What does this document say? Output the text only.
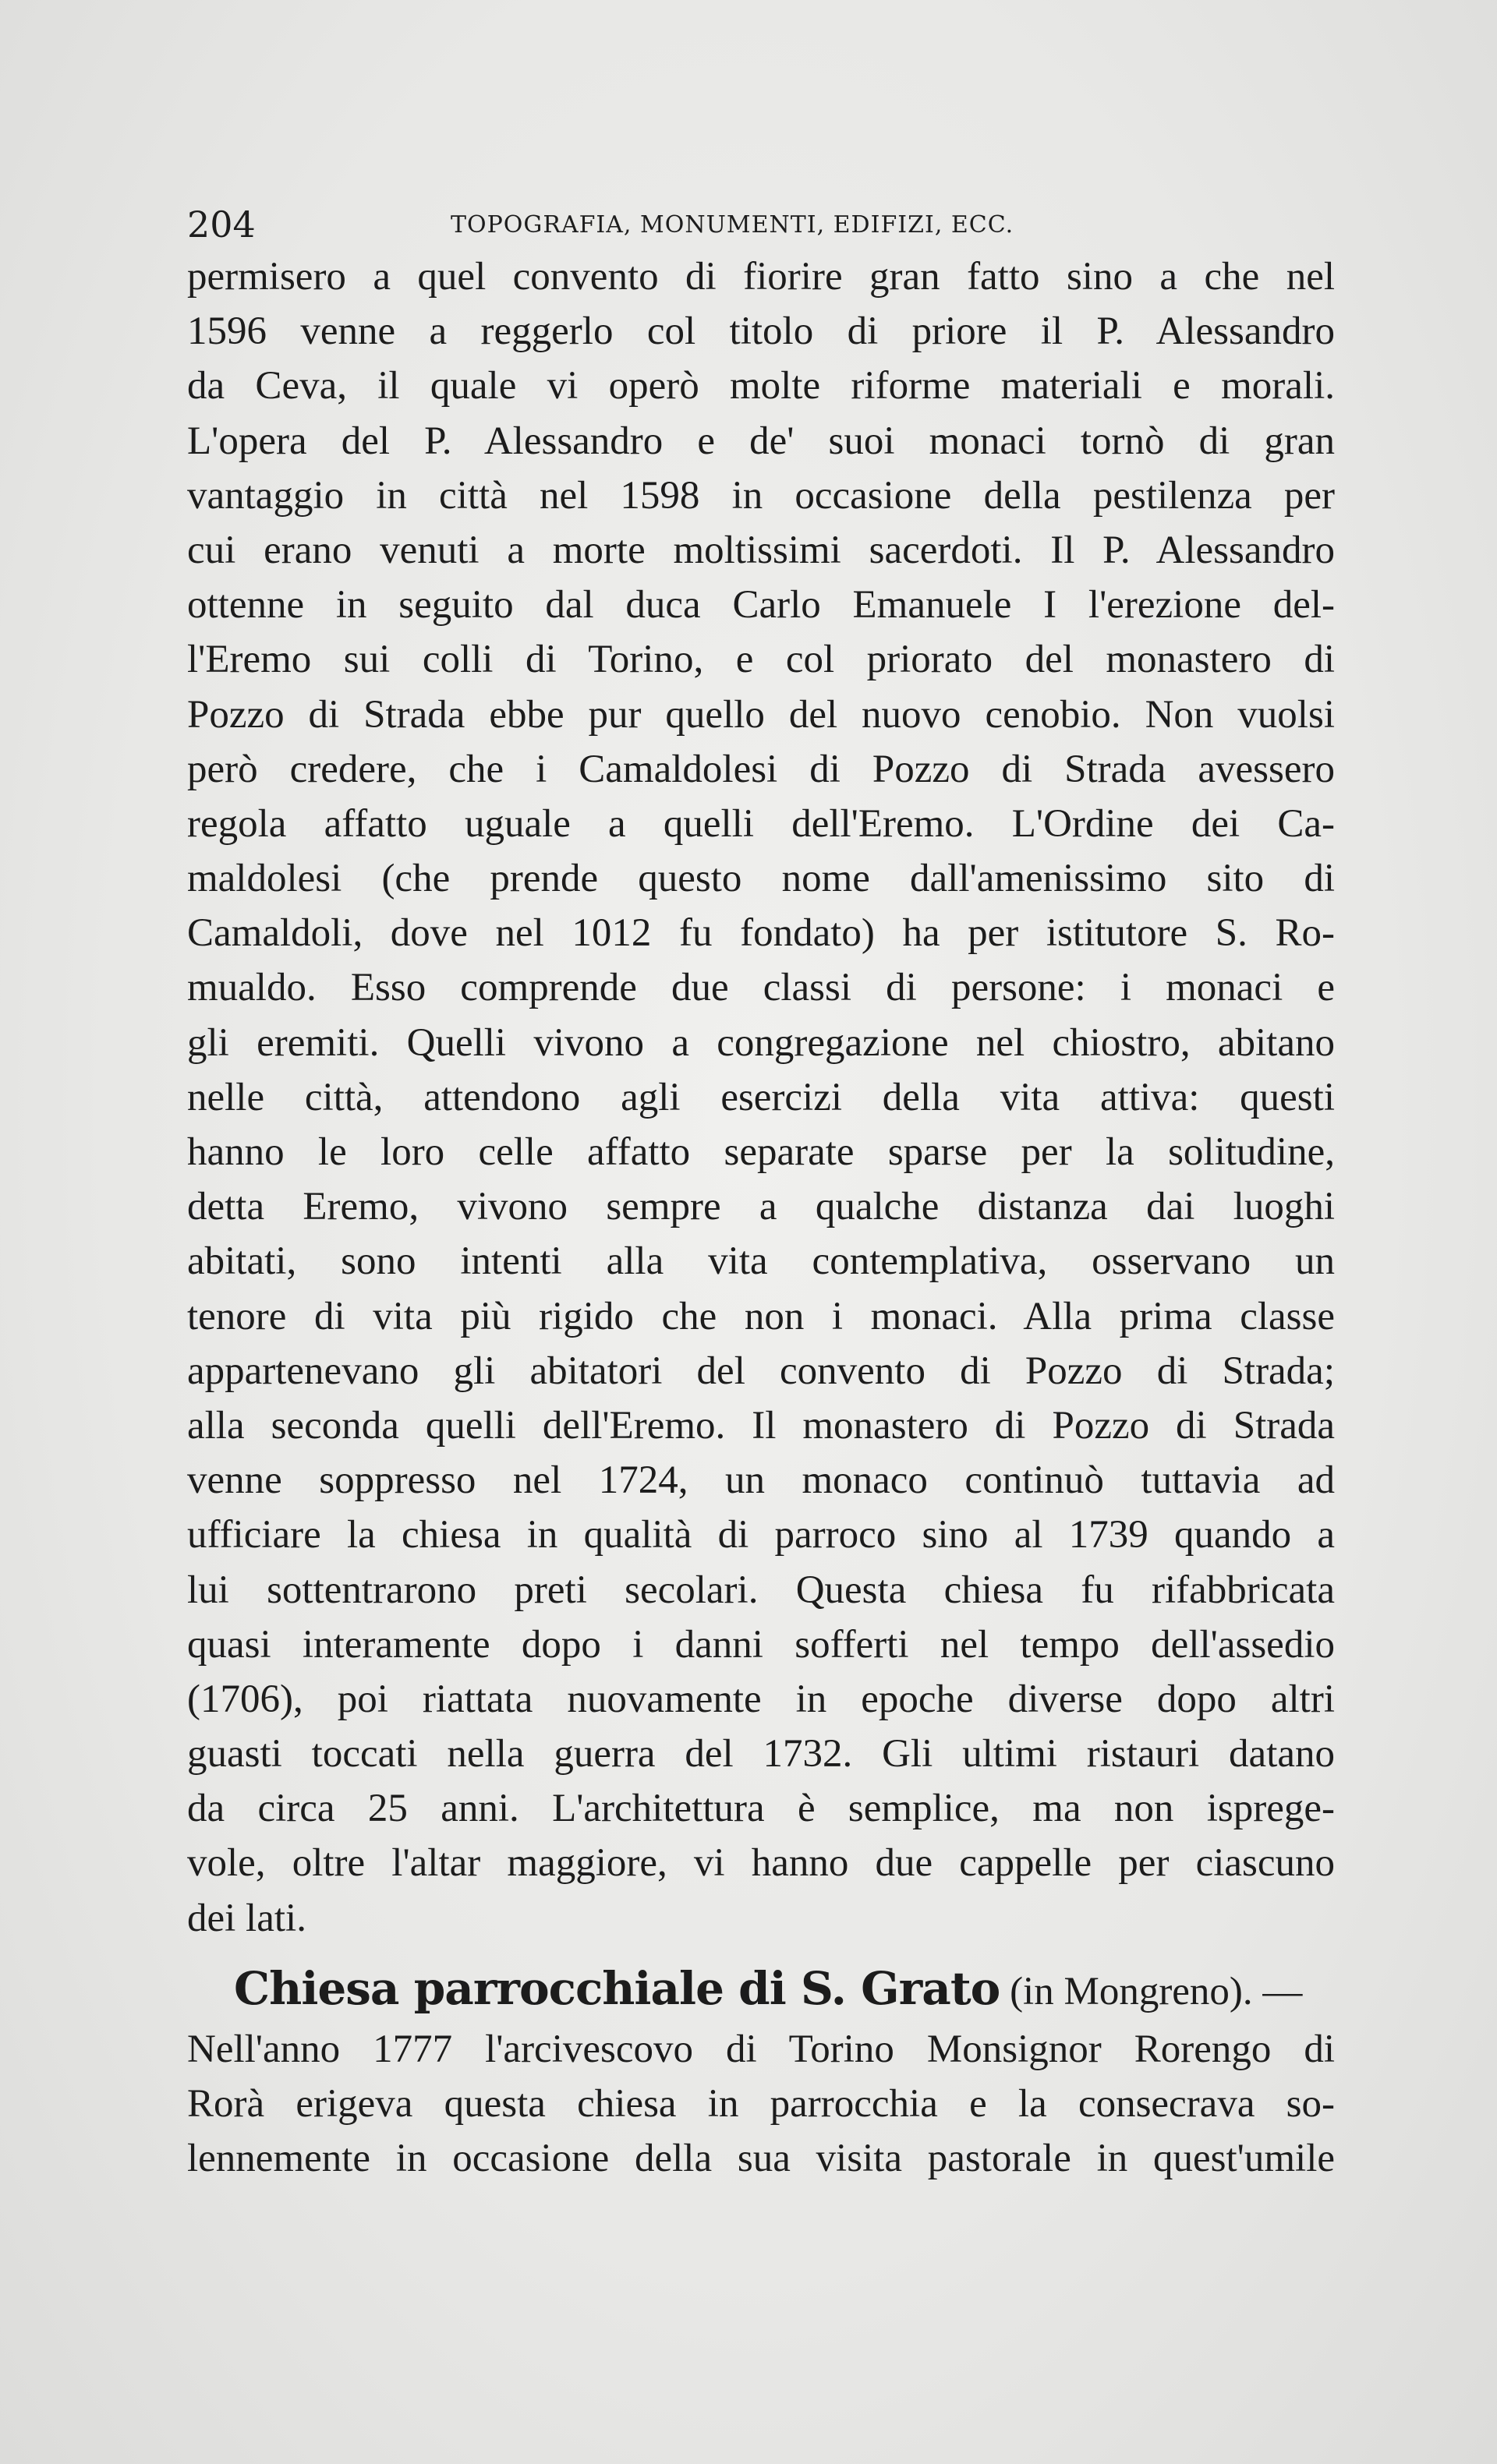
204	TOPOGRAFIA, MONUMENTI, EDIFIZI, ECC.
permisero a quel convento di fiorire gran fatto sino a che nel
1596 venne a reggerlo col titolo di priore il P. Alessandro
da Ceva, il quale vi operò molte riforme materiali e morali.
L'opera del P. Alessandro e de' suoi monaci tornò di gran
vantaggio in città nel 1598 in occasione della pestilenza per
cui erano venuti a morte moltissimi sacerdoti. Il P. Alessandro
ottenne in seguito dal duca Carlo Emanuele I l'erezione del-
l'Eremo sui colli di Torino, e col priorato del monastero di
Pozzo di Strada ebbe pur quello del nuovo cenobio. Non vuolsi
però credere, che i Camaldolesi di Pozzo di Strada avessero
regola affatto uguale a quelli dell'Eremo. L'Ordine dei Ca-
maldolesi (che prende questo nome dall'amenissimo sito di
Camaldoli, dove nel 1012 fu fondato) ha per istitutore S. Ro-
mualdo. Esso comprende due classi di persone: i monaci e
gli eremiti. Quelli vivono a congregazione nel chiostro, abitano
nelle città, attendono agli esercizi della vita attiva: questi
hanno le loro celle affatto separate sparse per la solitudine,
detta Eremo, vivono sempre a qualche distanza dai luoghi
abitati, sono intenti alla vita contemplativa, osservano un
tenore di vita più rigido che non i monaci. Alla prima classe
appartenevano gli abitatori del convento di Pozzo di Strada;
alla seconda quelli dell'Eremo. Il monastero di Pozzo di Strada
venne soppresso nel 1724, un monaco continuò tuttavia ad
ufficiare la chiesa in qualità di parroco sino al 1739 quando a
lui sottentrarono preti secolari. Questa chiesa fu rifabbricata
quasi interamente dopo i danni sofferti nel tempo dell'assedio
(1706), poi riattata nuovamente in epoche diverse dopo altri
guasti toccati nella guerra del 1732. Gli ultimi ristauri datano
da circa 25 anni. L'architettura è semplice, ma non isprege-
vole, oltre l'altar maggiore, vi hanno due cappelle per ciascuno
dei lati.
Chiesa parrocchiale di S. Grato (in Mongreno). —
Nell'anno 1777 l'arcivescovo di Torino Monsignor Rorengo di
Rorà erigeva questa chiesa in parrocchia e la consecrava so-
lennemente in occasione della sua visita pastorale in quest'umile
